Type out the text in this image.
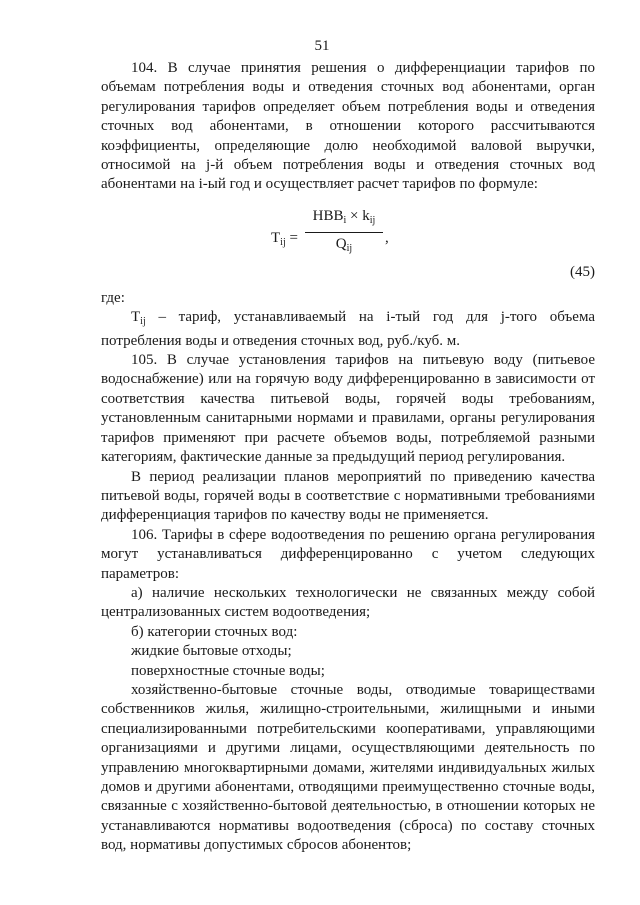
51

104. В случае принятия решения о дифференциации тарифов по объемам потребления воды и отведения сточных вод абонентами, орган регулирования тарифов определяет объем потребления воды и отведения сточных вод абонентами, в отношении которого рассчитываются коэффициенты, определяющие долю необходимой валовой выручки, относимой на j-й объем потребления воды и отведения сточных вод абонентами на i-ый год и осуществляет расчет тарифов по формуле:

$T_{ij}$ =
$НВВ_i \times k_{ij}$
$Q_{ij}$
,
(45)

где:

$T_{ij}$ – тариф, устанавливаемый на i-тый год для j-того объема потребления воды и отведения сточных вод, руб./куб. м.

105. В случае установления тарифов на питьевую воду (питьевое водоснабжение) или на горячую воду дифференцированно в зависимости от соответствия качества питьевой воды, горячей воды требованиям, установленным санитарными нормами и правилами, органы регулирования тарифов применяют при расчете объемов воды, потребляемой разными категориям, фактические данные за предыдущий период регулирования.

В период реализации планов мероприятий по приведению качества питьевой воды, горячей воды в соответствие с нормативными требованиями дифференциация тарифов по качеству воды не применяется.

106. Тарифы в сфере водоотведения по решению органа регулирования могут устанавливаться дифференцированно с учетом следующих параметров:

а) наличие нескольких технологически не связанных между собой централизованных систем водоотведения;

б) категории сточных вод:

жидкие бытовые отходы;

поверхностные сточные воды;

хозяйственно-бытовые сточные воды, отводимые товариществами собственников жилья, жилищно-строительными, жилищными и иными специализированными потребительскими кооперативами, управляющими организациями и другими лицами, осуществляющими деятельность по управлению многоквартирными домами, жителями индивидуальных жилых домов и другими абонентами, отводящими преимущественно сточные воды, связанные с хозяйственно-бытовой деятельностью, в отношении которых не устанавливаются нормативы водоотведения (сброса) по составу сточных вод, нормативы допустимых сбросов абонентов;
